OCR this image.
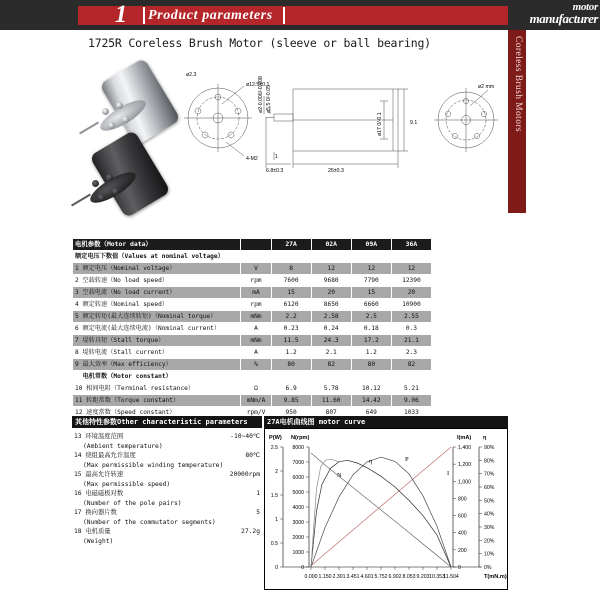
1	Product parameters
motor
manufacturer
Coreless Brush Motors
1725R Coreless Brush Motor (sleeve or ball bearing)
4-M2
ø12.5±0.1
ø2.3
25±0.3
6.8±0.3
1
9.1
ø17 0/-0.1
ø2-0.006/-0.008 ø5.5 0/-0.05	ø2 mm
电机参数（Motor data）		27A	02A	09A	36A
额定电压下数值（Values at nominal voltage）					
1 额定电压（Nominal voltage）	V	8	12	12	12
2 空载转速（No load speed）	rpm	7600	9680	7790	12390
3 空载电流（No load current）	mA	15	20	15	20
4 额定转速（Nominal speed）	rpm	6120	8650	6660	10900
5 额定转矩(最大连续转矩)（Nominal torque）	mNm	2.2	2.58	2.5	2.55
6 额定电流(最大连续电流)（Nominal current）	A	0.23	0.24	0.18	0.3
7 堤转具矩（Stall torque）	mNm	11.5	24.3	17.2	21.1
8 堤转电流（Stall current）	A	1.2	2.1	1.2	2.3
9 最大效率（Max efficiency）	%	80	82	80	82
电机常数（Motor constant）					
10 相间电阻（Terminal resistance）	Ω	6.9	5.78	10.12	5.21
11 转距常数（Torque constant）	mNm/A	9.85	11.60	14.42	9.06
12 速度常数（Speed constant）	rpm/V	950	807	649	1033
其他特性参数Other characteristic parameters
13 环境温度范围	-10~40℃
(Ambient temperature)
14 绕组最高允许温度	80℃
(Max permissible winding temperature)
15 最高允许转速	20000rpm
(Max permissible speed)
16 电磁磁极对数	1
(Number of the pole pairs)
17 换向器片数	5
(Number of the commutator segments)
18 电机质量	27.2g
(Weight)
27A电机曲线图 motor curve
P(W) N(rpm)	I(mA) η
0
0.5
1
1.5
2
2.5
0
1000
2000
3000
4000
5000
6000
7000
8000
0
200
400
600
800
1,000
1,200
1,400
0%
10%
20%
30%
40%
50%
60%
70%
80%
90%
0.000 1.150 2.301 3.451 4.601 5.752 6.902 8.053 9.203 10.353
11.504	T(mN.m)
N
η	P
I
